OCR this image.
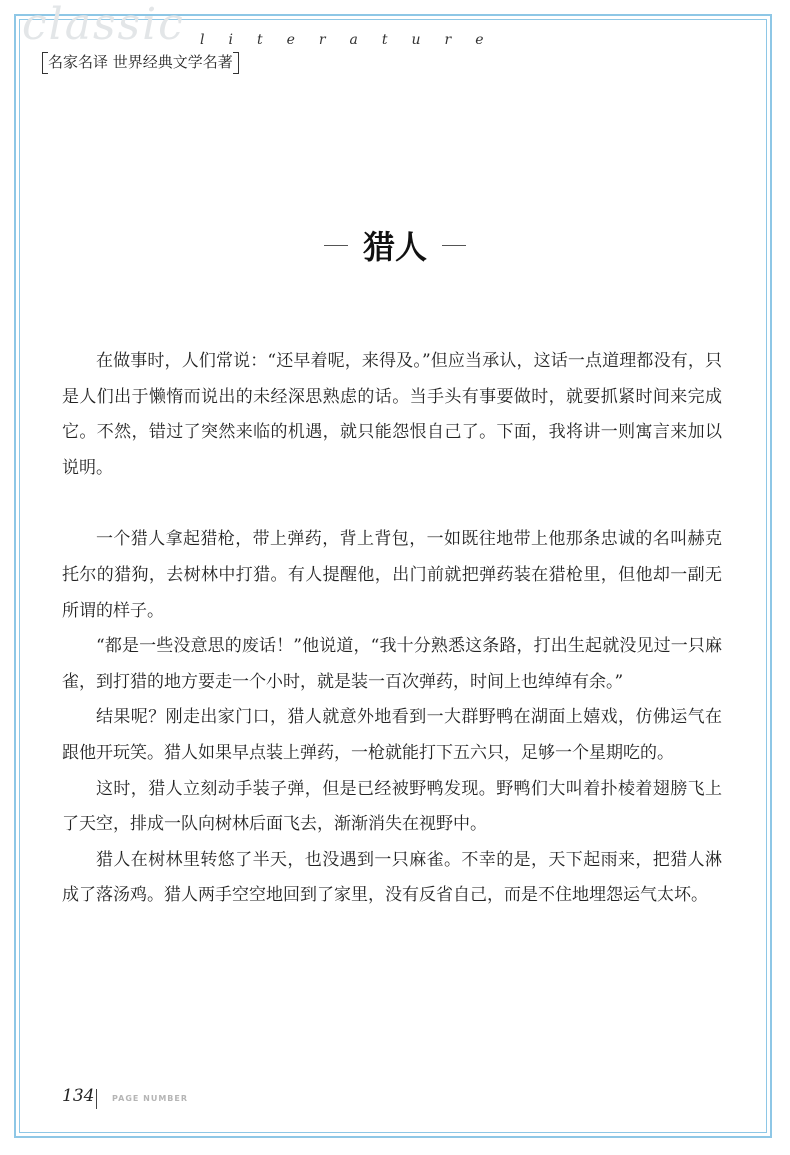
classic	literature
名家名译 世界经典文学名著
猎人

在做事时，人们常说：“还早着呢，来得及。”但应当承认，这话一点道理都没有，只是人们出于懒惰而说出的未经深思熟虑的话。当手头有事要做时，就要抓紧时间来完成它。不然，错过了突然来临的机遇，就只能怨恨自己了。下面，我将讲一则寓言来加以说明。

一个猎人拿起猎枪，带上弹药，背上背包，一如既往地带上他那条忠诚的名叫赫克托尔的猎狗，去树林中打猎。有人提醒他，出门前就把弹药装在猎枪里，但他却一副无所谓的样子。

“都是一些没意思的废话！”他说道，“我十分熟悉这条路，打出生起就没见过一只麻雀，到打猎的地方要走一个小时，就是装一百次弹药，时间上也绰绰有余。”

结果呢？刚走出家门口，猎人就意外地看到一大群野鸭在湖面上嬉戏，仿佛运气在跟他开玩笑。猎人如果早点装上弹药，一枪就能打下五六只，足够一个星期吃的。

这时，猎人立刻动手装子弹，但是已经被野鸭发现。野鸭们大叫着扑棱着翅膀飞上了天空，排成一队向树林后面飞去，渐渐消失在视野中。

猎人在树林里转悠了半天，也没遇到一只麻雀。不幸的是，天下起雨来，把猎人淋成了落汤鸡。猎人两手空空地回到了家里，没有反省自己，而是不住地埋怨运气太坏。

134 PAGE NUMBER
